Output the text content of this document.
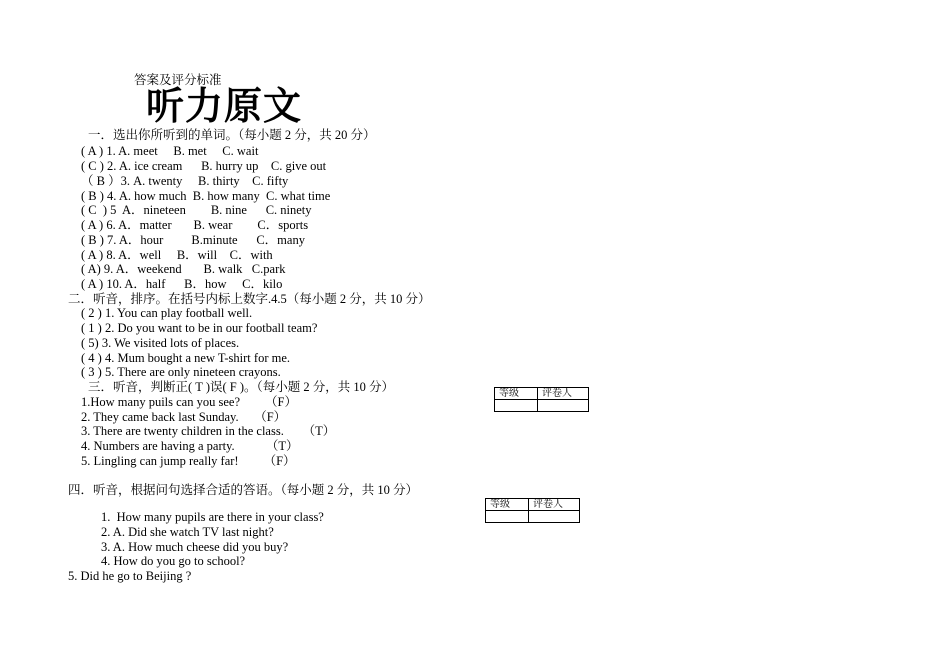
答案及评分标准
听力原文
一．选出你所听到的单词。（每小题 2 分，共 20 分）
( A ) 1. A. meet     B. met     C. wait
( C ) 2. A. ice cream      B. hurry up    C. give out
（ B ）3. A. twenty     B. thirty    C. fifty
( B ) 4. A. how much  B. how many  C. what time
( C  ) 5  A．nineteen        B. nine      C. ninety
( A ) 6. A．matter       B. wear        C．sports
( B ) 7. A．hour         B.minute      C．many
( A ) 8. A．well     B．will    C．with
( A) 9. A．weekend       B. walk   C.park
( A ) 10. A．half      B．how     C．kilo
二．听音，排序。在括号内标上数字.4.5（每小题 2 分，共 10 分）
( 2 ) 1. You can play football well.
( 1 ) 2. Do you want to be in our football team?
( 5) 3. We visited lots of places.
( 4 ) 4. Mum bought a new T-shirt for me.
( 3 ) 5. There are only nineteen crayons.
三．听音，判断正( T )误( F )。（每小题 2 分，共 10 分）
1.How many puils can you see?        （F）
2. They came back last Sunday.     （F）
3. There are twenty children in the class.      （T）
4. Numbers are having a party.          （T）
5. Lingling can jump really far!        （F）
等级	评卷人

四．听音，根据问句选择合适的答语。（每小题 2 分，共 10 分）
1.  How many pupils are there in your class?
2. A. Did she watch TV last night?
3. A. How much cheese did you buy?
4. How do you go to school?
5. Did he go to Beijing ?
等级	评卷人
